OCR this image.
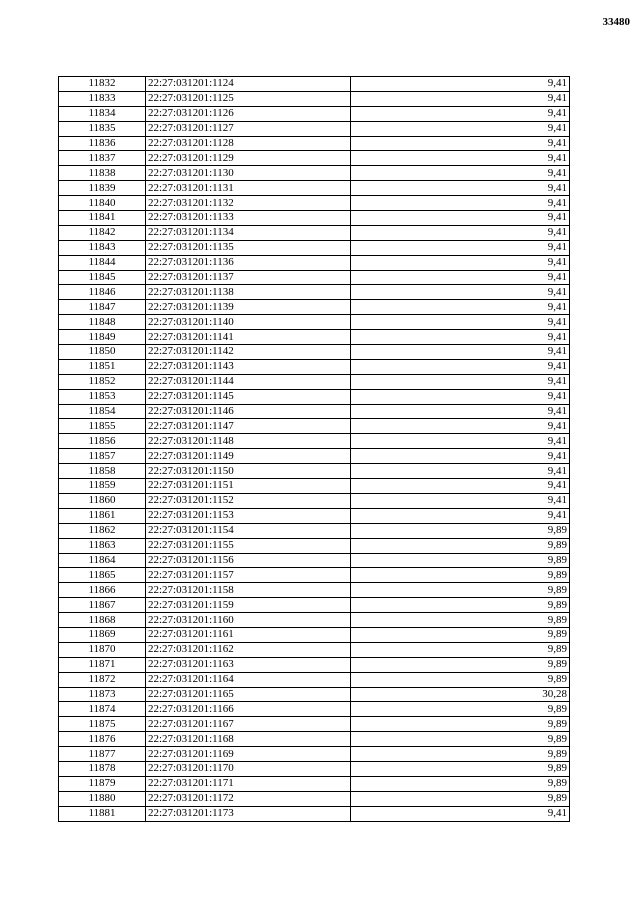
33480
11832	22:27:031201:1124	9,41
11833	22:27:031201:1125	9,41
11834	22:27:031201:1126	9,41
11835	22:27:031201:1127	9,41
11836	22:27:031201:1128	9,41
11837	22:27:031201:1129	9,41
11838	22:27:031201:1130	9,41
11839	22:27:031201:1131	9,41
11840	22:27:031201:1132	9,41
11841	22:27:031201:1133	9,41
11842	22:27:031201:1134	9,41
11843	22:27:031201:1135	9,41
11844	22:27:031201:1136	9,41
11845	22:27:031201:1137	9,41
11846	22:27:031201:1138	9,41
11847	22:27:031201:1139	9,41
11848	22:27:031201:1140	9,41
11849	22:27:031201:1141	9,41
11850	22:27:031201:1142	9,41
11851	22:27:031201:1143	9,41
11852	22:27:031201:1144	9,41
11853	22:27:031201:1145	9,41
11854	22:27:031201:1146	9,41
11855	22:27:031201:1147	9,41
11856	22:27:031201:1148	9,41
11857	22:27:031201:1149	9,41
11858	22:27:031201:1150	9,41
11859	22:27:031201:1151	9,41
11860	22:27:031201:1152	9,41
11861	22:27:031201:1153	9,41
11862	22:27:031201:1154	9,89
11863	22:27:031201:1155	9,89
11864	22:27:031201:1156	9,89
11865	22:27:031201:1157	9,89
11866	22:27:031201:1158	9,89
11867	22:27:031201:1159	9,89
11868	22:27:031201:1160	9,89
11869	22:27:031201:1161	9,89
11870	22:27:031201:1162	9,89
11871	22:27:031201:1163	9,89
11872	22:27:031201:1164	9,89
11873	22:27:031201:1165	30,28
11874	22:27:031201:1166	9,89
11875	22:27:031201:1167	9,89
11876	22:27:031201:1168	9,89
11877	22:27:031201:1169	9,89
11878	22:27:031201:1170	9,89
11879	22:27:031201:1171	9,89
11880	22:27:031201:1172	9,89
11881	22:27:031201:1173	9,41
